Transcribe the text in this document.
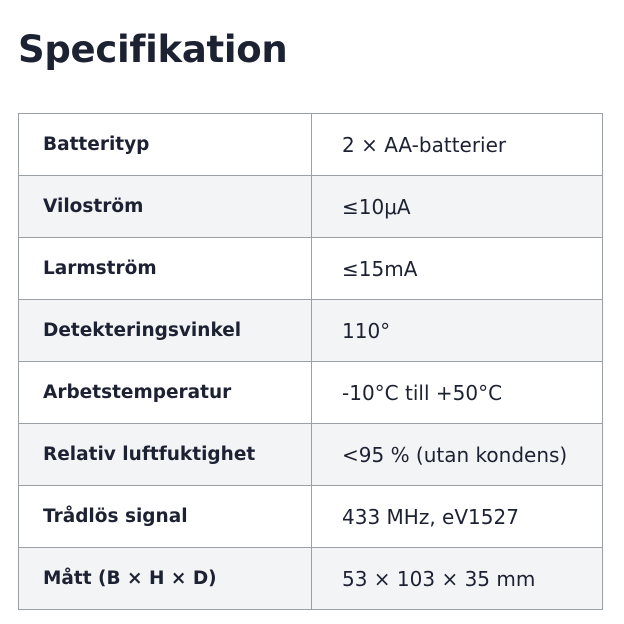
Specifikation
Batterityp	2 × AA-batterier
Viloström	≤10μA
Larmström	≤15mA
Detekteringsvinkel	110°
Arbetstemperatur	-10°C till +50°C
Relativ luftfuktighet	<95 % (utan kondens)
Trådlös signal	433 MHz, eV1527
Mått (B × H × D)	53 × 103 × 35 mm
